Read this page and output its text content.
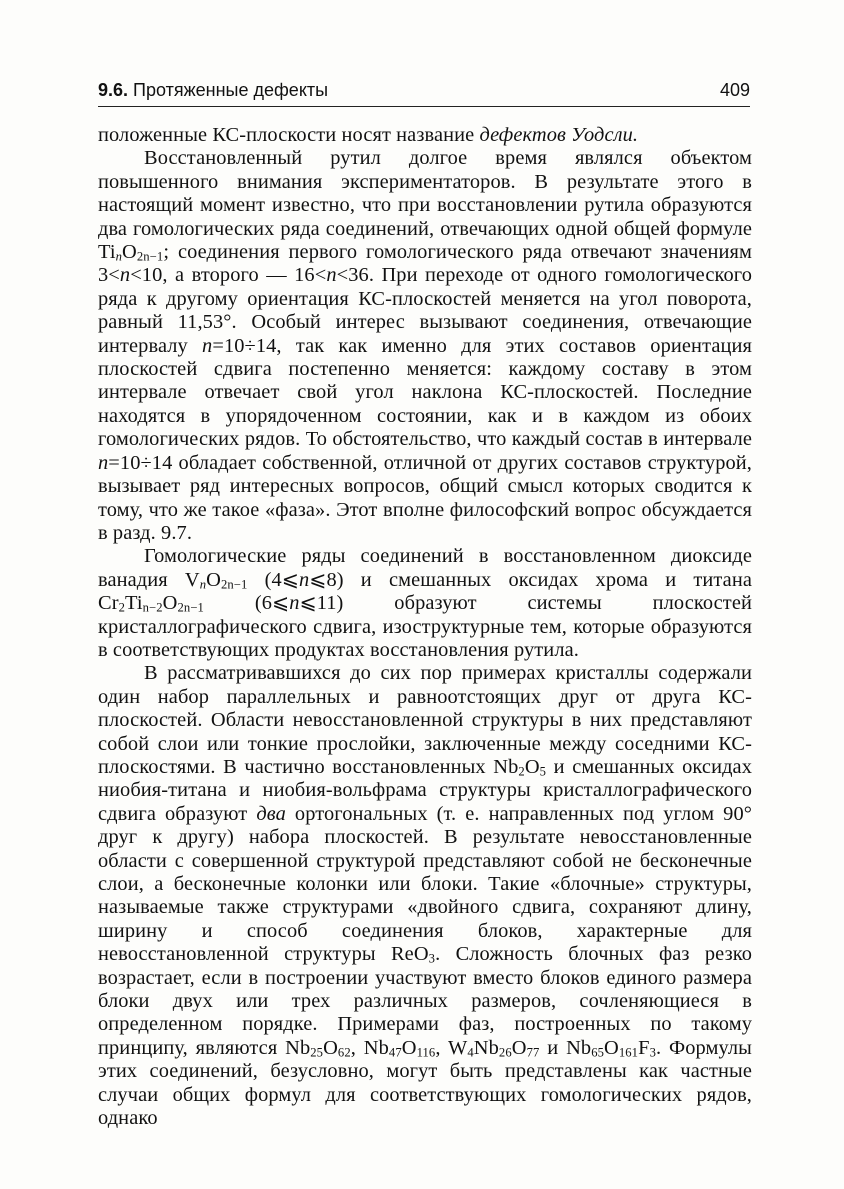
9.6. Протяженные дефекты	409

положенные КС-плоскости носят название дефектов Уодсли.

Восстановленный рутил долгое время являлся объектом повышенного внимания экспериментаторов. В результате этого в настоящий момент известно, что при восстановлении рутила образуются два гомологических ряда соединений, отвечающих одной общей формуле $Ti_nO_{2n-1}$; соединения первого гомологического ряда отвечают значениям 3<n<10, а второго — 16<n<36. При переходе от одного гомологического ряда к другому ориентация КС-плоскостей меняется на угол поворота, равный 11,53°. Особый интерес вызывают соединения, отвечающие интервалу n=10÷14, так как именно для этих составов ориентация плоскостей сдвига постепенно меняется: каждому составу в этом интервале отвечает свой угол наклона КС-плоскостей. Последние находятся в упорядоченном состоянии, как и в каждом из обоих гомологических рядов. То обстоятельство, что каждый состав в интервале n=10÷14 обладает собственной, отличной от других составов структурой, вызывает ряд интересных вопросов, общий смысл которых сводится к тому, что же такое «фаза». Этот вполне философский вопрос обсуждается в разд. 9.7.

Гомологические ряды соединений в восстановленном диоксиде ванадия $V_nO_{2n-1}$ (4⩽n⩽8) и смешанных оксидах хрома и титана $Cr_2Ti_{n-2}O_{2n-1}$ (6⩽n⩽11) образуют системы плоскостей кристаллографического сдвига, изоструктурные тем, которые образуются в соответствующих продуктах восстановления рутила.

В рассматривавшихся до сих пор примерах кристаллы содержали один набор параллельных и равноотстоящих друг от друга КС-плоскостей. Области невосстановленной структуры в них представляют собой слои или тонкие прослойки, заключенные между соседними КС-плоскостями. В частично восстановленных $Nb_2O_5$ и смешанных оксидах ниобия-титана и ниобия-вольфрама структуры кристаллографического сдвига образуют два ортогональных (т. е. направленных под углом 90° друг к другу) набора плоскостей. В результате невосстановленные области с совершенной структурой представляют собой не бесконечные слои, а бесконечные колонки или блоки. Такие «блочные» структуры, называемые также структурами «двойного сдвига, сохраняют длину, ширину и способ соединения блоков, характерные для невосстановленной структуры ReO$_3$. Сложность блочных фаз резко возрастает, если в построении участвуют вместо блоков единого размера блоки двух или трех различных размеров, сочленяющиеся в определенном порядке. Примерами фаз, построенных по такому принципу, являются $Nb_{25}O_{62}$, $Nb_{47}O_{116}$, $W_4Nb_{26}O_{77}$ и $Nb_{65}O_{161}F_3$. Формулы этих соединений, безусловно, могут быть представлены как частные случаи общих формул для соответствующих гомологических рядов, однако
